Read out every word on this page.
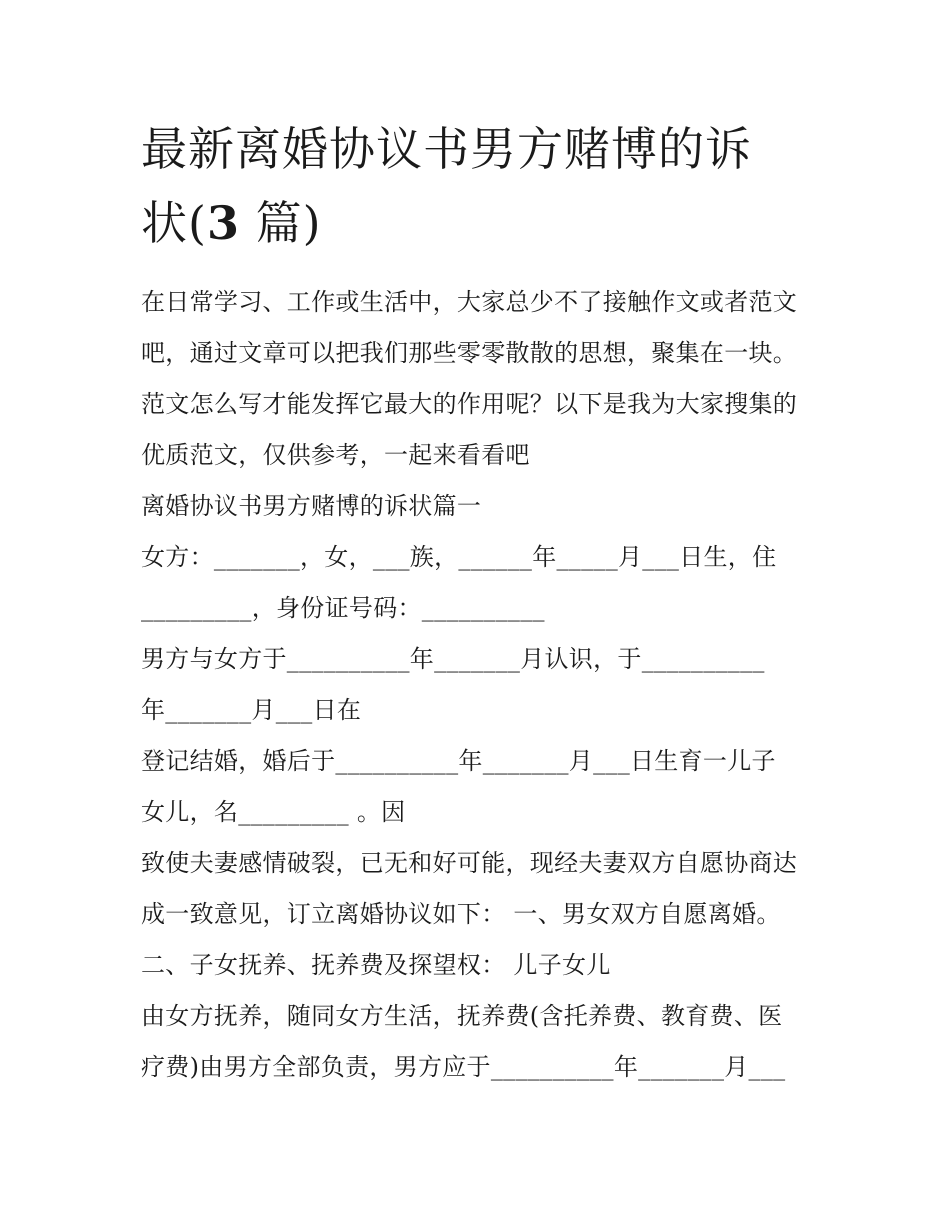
最新离婚协议书男方赌博的诉
状(3 篇)

在日常学习、工作或生活中，大家总少不了接触作文或者范文

吧，通过文章可以把我们那些零零散散的思想，聚集在一块。

范文怎么写才能发挥它最大的作用呢？以下是我为大家搜集的

优质范文，仅供参考，一起来看看吧

离婚协议书男方赌博的诉状篇一

女方：_______，女，___族，______年_____月___日生，住

_________，身份证号码：__________

男方与女方于__________年_______月认识，于__________

年_______月___日在

登记结婚，婚后于__________年_______月___日生育一儿子

女儿，名_________ 。因

致使夫妻感情破裂，已无和好可能，现经夫妻双方自愿协商达

成一致意见，订立离婚协议如下： 一、男女双方自愿离婚。

二、子女抚养、抚养费及探望权： 儿子女儿

由女方抚养，随同女方生活，抚养费(含托养费、教育费、医

疗费)由男方全部负责，男方应于__________年_______月___
